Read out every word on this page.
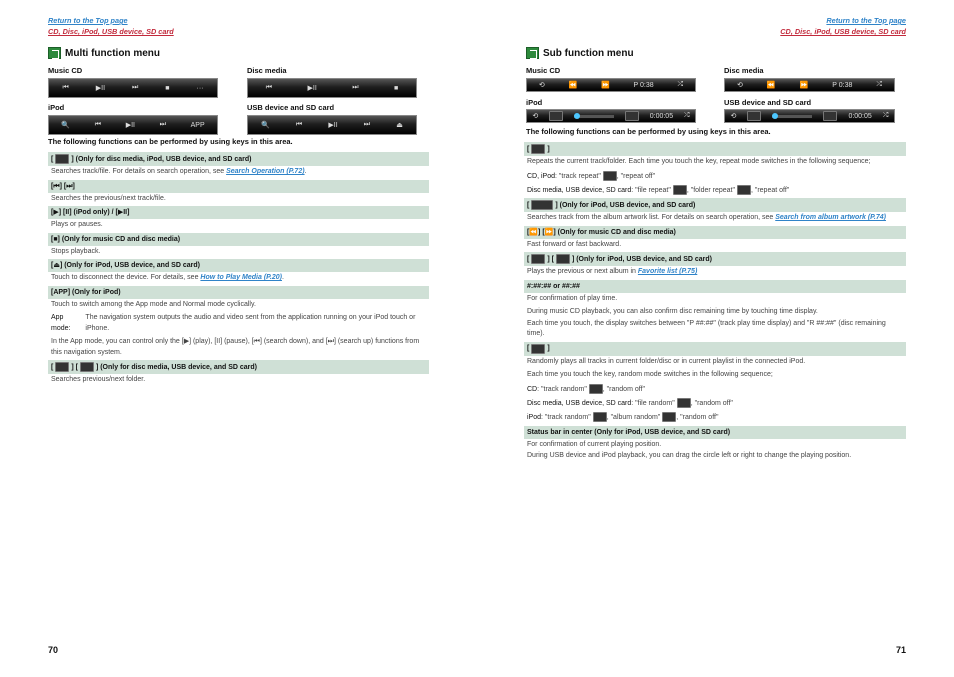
Return to the Top page
CD, Disc, iPod, USB device, SD card
Multi function menu
Music CD	Disc media
⏮	▶II	⏭	■	···	⏮	▶II	⏭	■
iPod	USB device and SD card
🔍	⏮	▶II	⏭	APP	🔍	⏮	▶II	⏭	⏏
The following functions can be performed by using keys in this area.
[	] (Only for disc media, iPod, USB device, and SD card)
Searches track/file. For details on search operation, see Search Operation (P.72).
[⏮] [⏭]
Searches the previous/next track/file.
[▶] [II] (iPod only) / [▶II]
Plays or pauses.
[■] (Only for music CD and disc media)
Stops playback.
[⏏] (Only for iPod, USB device, and SD card)
Touch to disconnect the device. For details, see How to Play Media (P.20).
[APP] (Only for iPod)
Touch to switch among the App mode and Normal mode cyclically.
App mode:
The navigation system outputs the audio and video sent from the application running on your iPod touch or iPhone.
In the App mode, you can control only the [▶] (play), [II] (pause), [⏮] (search down), and [⏭] (search up) functions from this navigation system.
[	] [	] (Only for disc media, USB device, and SD card)
Searches previous/next folder.
70
Return to the Top page
CD, Disc, iPod, USB device, SD card
Sub function menu
Music CD	Disc media
⟲	⏪	⏩	P 0:38	⤮	⟲	⏪	⏩	P 0:38	⤮
iPod	USB device and SD card
⟲	0:00:05 ⤮	⟲	0:00:05 ⤮
The following functions can be performed by using keys in this area.
[	]
Repeats the current track/folder. Each time you touch the key, repeat mode switches in the following sequence;
CD, iPod: "track repeat" , "repeat off"
Disc media, USB device, SD card: "file repeat" , "folder repeat" , "repeat off"
[	] (Only for iPod, USB device, and SD card)
Searches track from the album artwork list. For details on search operation, see Search from album artwork (P.74)
[⏪] [⏩] (Only for music CD and disc media)
Fast forward or fast backward.
[	] [	] (Only for iPod, USB device, and SD card)
Plays the previous or next album in Favorite list (P.75)
#:##:## or ##:##
For confirmation of play time.
During music CD playback, you can also confirm disc remaining time by touching time display.
Each time you touch, the display switches between "P ##:##" (track play time display) and "R ##:##" (disc remaining time).
[	]
Randomly plays all tracks in current folder/disc or in current playlist in the connected iPod.
Each time you touch the key, random mode switches in the following sequence;
CD: "track random" , "random off"
Disc media, USB device, SD card: "file random" , "random off"
iPod: "track random" , "album random" , "random off"
Status bar in center (Only for iPod, USB device, and SD card)
For confirmation of current playing position.
During USB device and iPod playback, you can drag the circle left or right to change the playing position.
71
